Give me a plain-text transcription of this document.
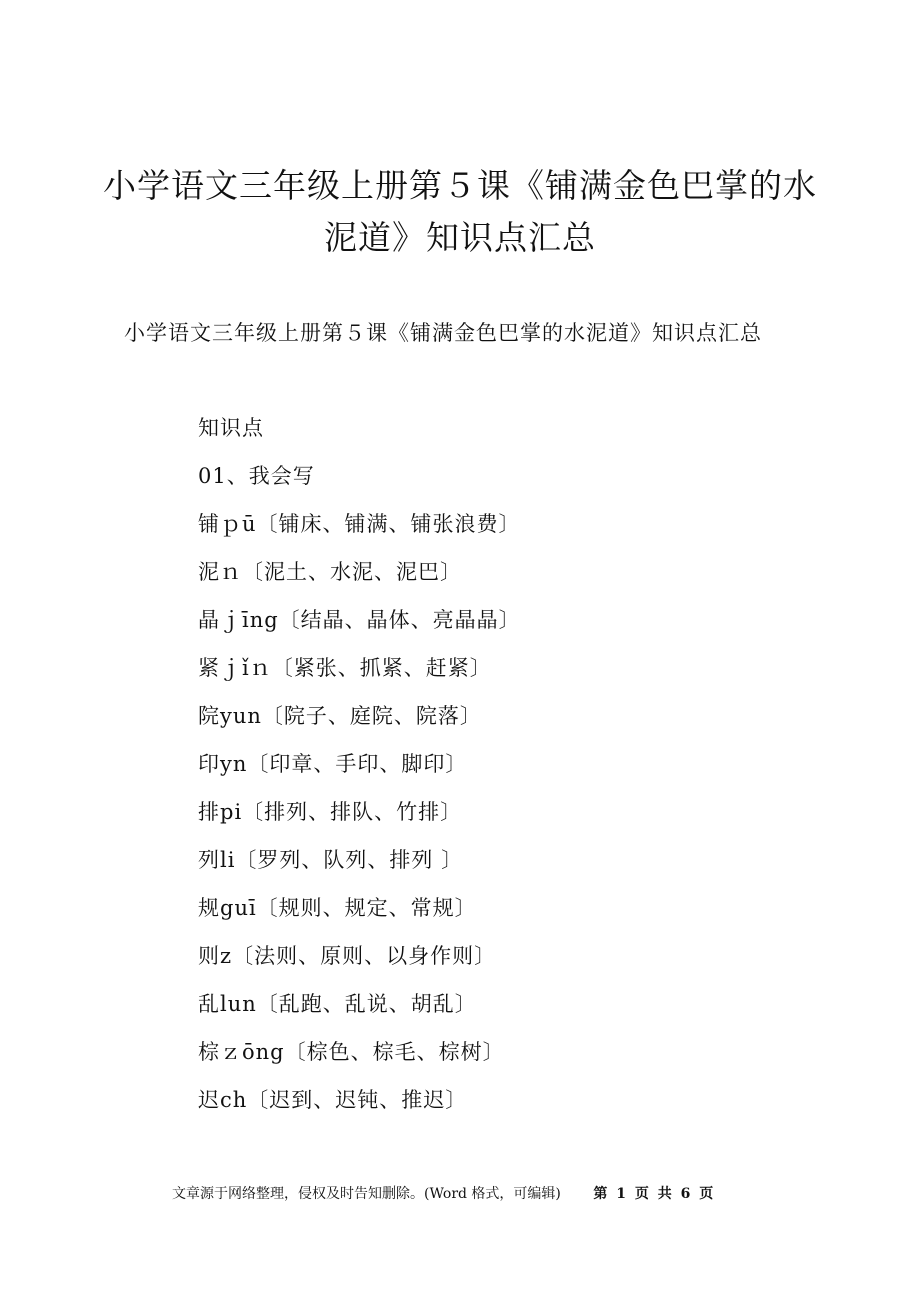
小学语文三年级上册第５课《铺满金色巴掌的水泥道》知识点汇总

小学语文三年级上册第５课《铺满金色巴掌的水泥道》知识点汇总

知识点
01、我会写
铺ｐū〔铺床、铺满、铺张浪费〕
泥ｎ〔泥土、水泥、泥巴〕
晶ｊīng〔结晶、晶体、亮晶晶〕
紧ｊǐｎ〔紧张、抓紧、赶紧〕
院yun〔院子、庭院、院落〕
印yn〔印章、手印、脚印〕
排pi〔排列、排队、竹排〕
列li〔罗列、队列、排列 〕
规guī〔规则、规定、常规〕
则z〔法则、原则、以身作则〕
乱lun〔乱跑、乱说、胡乱〕
棕ｚōng〔棕色、棕毛、棕树〕
迟ch〔迟到、迟钝、推迟〕
文章源于网络整理，侵权及时告知删除。(Word 格式，可编辑) 第 1 页 共 6 页
